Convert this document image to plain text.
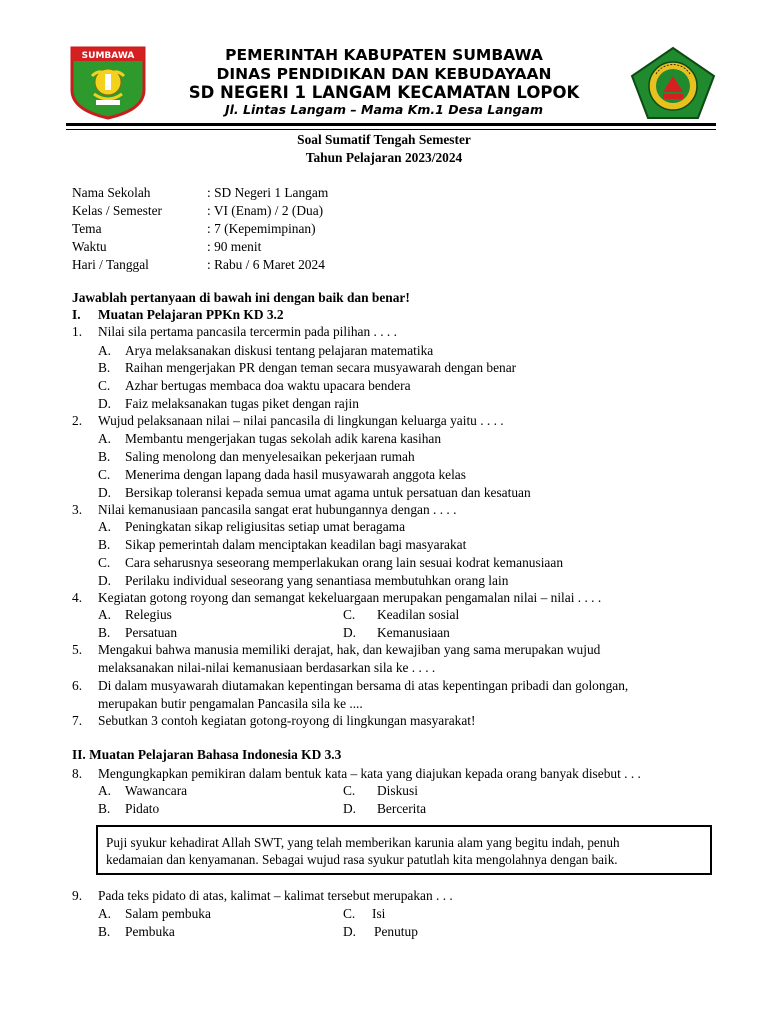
SUMBAWA	PEMERINTAH KABUPATEN SUMBAWA
DINAS PENDIDIKAN DAN KEBUDAYAAN
SD NEGERI 1 LANGAM KECAMATAN LOPOK
Jl. Lintas Langam – Mama Km.1 Desa Langam
Soal Sumatif Tengah Semester
Tahun Pelajaran 2023/2024
Nama Sekolah	: SD Negeri 1 Langam
Kelas / Semester	: VI (Enam) / 2 (Dua)
Tema	: 7 (Kepemimpinan)
Waktu	: 90 menit
Hari / Tanggal	: Rabu / 6 Maret 2024
Jawablah pertanyaan di bawah ini dengan baik dan benar!
I. Muatan Pelajaran PPKn KD 3.2
1. Nilai sila pertama pancasila tercermin pada pilihan . . . .
A. Arya melaksanakan diskusi tentang pelajaran matematika
B. Raihan mengerjakan PR dengan teman secara musyawarah dengan benar
C. Azhar bertugas membaca doa waktu upacara bendera
D. Faiz melaksanakan tugas piket dengan rajin
2. Wujud pelaksanaan nilai – nilai pancasila di lingkungan keluarga yaitu . . . .
A. Membantu mengerjakan tugas sekolah adik karena kasihan
B. Saling menolong dan menyelesaikan pekerjaan rumah
C. Menerima dengan lapang dada hasil musyawarah anggota kelas
D. Bersikap toleransi kepada semua umat agama untuk persatuan dan kesatuan
3. Nilai kemanusiaan pancasila sangat erat hubungannya dengan . . . .
A. Peningkatan sikap religiusitas setiap umat beragama
B. Sikap pemerintah dalam menciptakan keadilan bagi masyarakat
C. Cara seharusnya seseorang memperlakukan orang lain sesuai kodrat kemanusiaan
D. Perilaku individual seseorang yang senantiasa membutuhkan orang lain
4. Kegiatan gotong royong dan semangat kekeluargaan merupakan pengamalan nilai – nilai . . . .
A. Relegius	C. Keadilan sosial
B. Persatuan	D. Kemanusiaan
5. Mengakui bahwa manusia memiliki derajat, hak, dan kewajiban yang sama merupakan wujud
melaksanakan nilai-nilai kemanusiaan berdasarkan sila ke . . . .
6. Di dalam musyawarah diutamakan kepentingan bersama di atas kepentingan pribadi dan golongan,
merupakan butir pengamalan Pancasila sila ke ....
7. Sebutkan 3 contoh kegiatan gotong-royong di lingkungan masyarakat!
II. Muatan Pelajaran Bahasa Indonesia KD 3.3
8. Mengungkapkan pemikiran dalam bentuk kata – kata yang diajukan kepada orang banyak disebut . . .
A. Wawancara	C. Diskusi
B. Pidato	D. Bercerita
Puji syukur kehadirat Allah SWT, yang telah memberikan karunia alam yang begitu indah, penuh
kedamaian dan kenyamanan. Sebagai wujud rasa syukur patutlah kita mengolahnya dengan baik.
9. Pada teks pidato di atas, kalimat – kalimat tersebut merupakan . . .
A. Salam pembuka	C. Isi
B. Pembuka	D. Penutup
